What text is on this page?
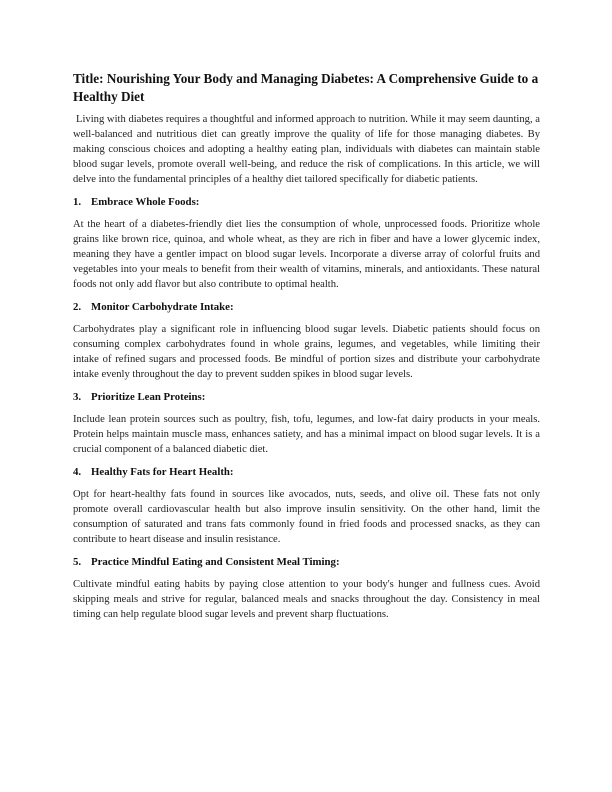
Title: Nourishing Your Body and Managing Diabetes: A Comprehensive Guide to a Healthy Diet

Living with diabetes requires a thoughtful and informed approach to nutrition. While it may seem daunting, a well-balanced and nutritious diet can greatly improve the quality of life for those managing diabetes. By making conscious choices and adopting a healthy eating plan, individuals with diabetes can maintain stable blood sugar levels, promote overall well-being, and reduce the risk of complications. In this article, we will delve into the fundamental principles of a healthy diet tailored specifically for diabetic patients.

1. Embrace Whole Foods:

At the heart of a diabetes-friendly diet lies the consumption of whole, unprocessed foods. Prioritize whole grains like brown rice, quinoa, and whole wheat, as they are rich in fiber and have a lower glycemic index, meaning they have a gentler impact on blood sugar levels. Incorporate a diverse array of colorful fruits and vegetables into your meals to benefit from their wealth of vitamins, minerals, and antioxidants. These natural foods not only add flavor but also contribute to optimal health.

2. Monitor Carbohydrate Intake:

Carbohydrates play a significant role in influencing blood sugar levels. Diabetic patients should focus on consuming complex carbohydrates found in whole grains, legumes, and vegetables, while limiting their intake of refined sugars and processed foods. Be mindful of portion sizes and distribute your carbohydrate intake evenly throughout the day to prevent sudden spikes in blood sugar levels.

3. Prioritize Lean Proteins:

Include lean protein sources such as poultry, fish, tofu, legumes, and low-fat dairy products in your meals. Protein helps maintain muscle mass, enhances satiety, and has a minimal impact on blood sugar levels. It is a crucial component of a balanced diabetic diet.

4. Healthy Fats for Heart Health:

Opt for heart-healthy fats found in sources like avocados, nuts, seeds, and olive oil. These fats not only promote overall cardiovascular health but also improve insulin sensitivity. On the other hand, limit the consumption of saturated and trans fats commonly found in fried foods and processed snacks, as they can contribute to heart disease and insulin resistance.

5. Practice Mindful Eating and Consistent Meal Timing:

Cultivate mindful eating habits by paying close attention to your body's hunger and fullness cues. Avoid skipping meals and strive for regular, balanced meals and snacks throughout the day. Consistency in meal timing can help regulate blood sugar levels and prevent sharp fluctuations.
